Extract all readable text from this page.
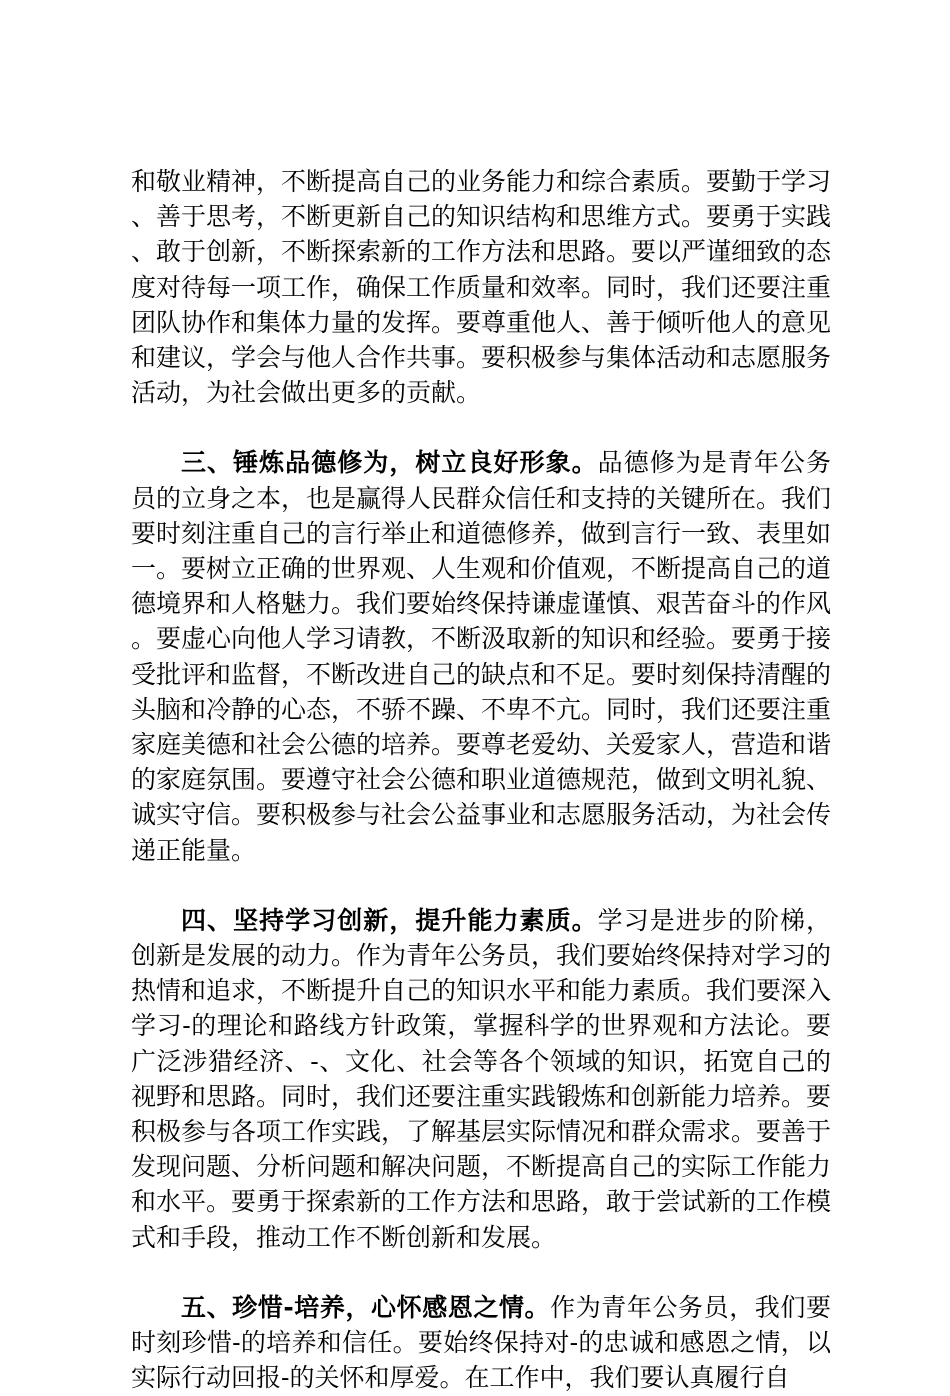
和敬业精神，不断提高自己的业务能力和综合素质。要勤于学习、善于思考，不断更新自己的知识结构和思维方式。要勇于实践、敢于创新，不断探索新的工作方法和思路。要以严谨细致的态度对待每一项工作，确保工作质量和效率。同时，我们还要注重团队协作和集体力量的发挥。要尊重他人、善于倾听他人的意见和建议，学会与他人合作共事。要积极参与集体活动和志愿服务活动，为社会做出更多的贡献。

三、锤炼品德修为，树立良好形象。品德修为是青年公务员的立身之本，也是赢得人民群众信任和支持的关键所在。我们要时刻注重自己的言行举止和道德修养，做到言行一致、表里如一。要树立正确的世界观、人生观和价值观，不断提高自己的道德境界和人格魅力。我们要始终保持谦虚谨慎、艰苦奋斗的作风。要虚心向他人学习请教，不断汲取新的知识和经验。要勇于接受批评和监督，不断改进自己的缺点和不足。要时刻保持清醒的头脑和冷静的心态，不骄不躁、不卑不亢。同时，我们还要注重家庭美德和社会公德的培养。要尊老爱幼、关爱家人，营造和谐的家庭氛围。要遵守社会公德和职业道德规范，做到文明礼貌、诚实守信。要积极参与社会公益事业和志愿服务活动，为社会传递正能量。

四、坚持学习创新，提升能力素质。学习是进步的阶梯，创新是发展的动力。作为青年公务员，我们要始终保持对学习的热情和追求，不断提升自己的知识水平和能力素质。我们要深入学习-的理论和路线方针政策，掌握科学的世界观和方法论。要广泛涉猎经济、-、文化、社会等各个领域的知识，拓宽自己的视野和思路。同时，我们还要注重实践锻炼和创新能力培养。要积极参与各项工作实践，了解基层实际情况和群众需求。要善于发现问题、分析问题和解决问题，不断提高自己的实际工作能力和水平。要勇于探索新的工作方法和思路，敢于尝试新的工作模式和手段，推动工作不断创新和发展。

五、珍惜-培养，心怀感恩之情。作为青年公务员，我们要时刻珍惜-的培养和信任。要始终保持对-的忠诚和感恩之情，以实际行动回报-的关怀和厚爱。在工作中，我们要认真履行自
